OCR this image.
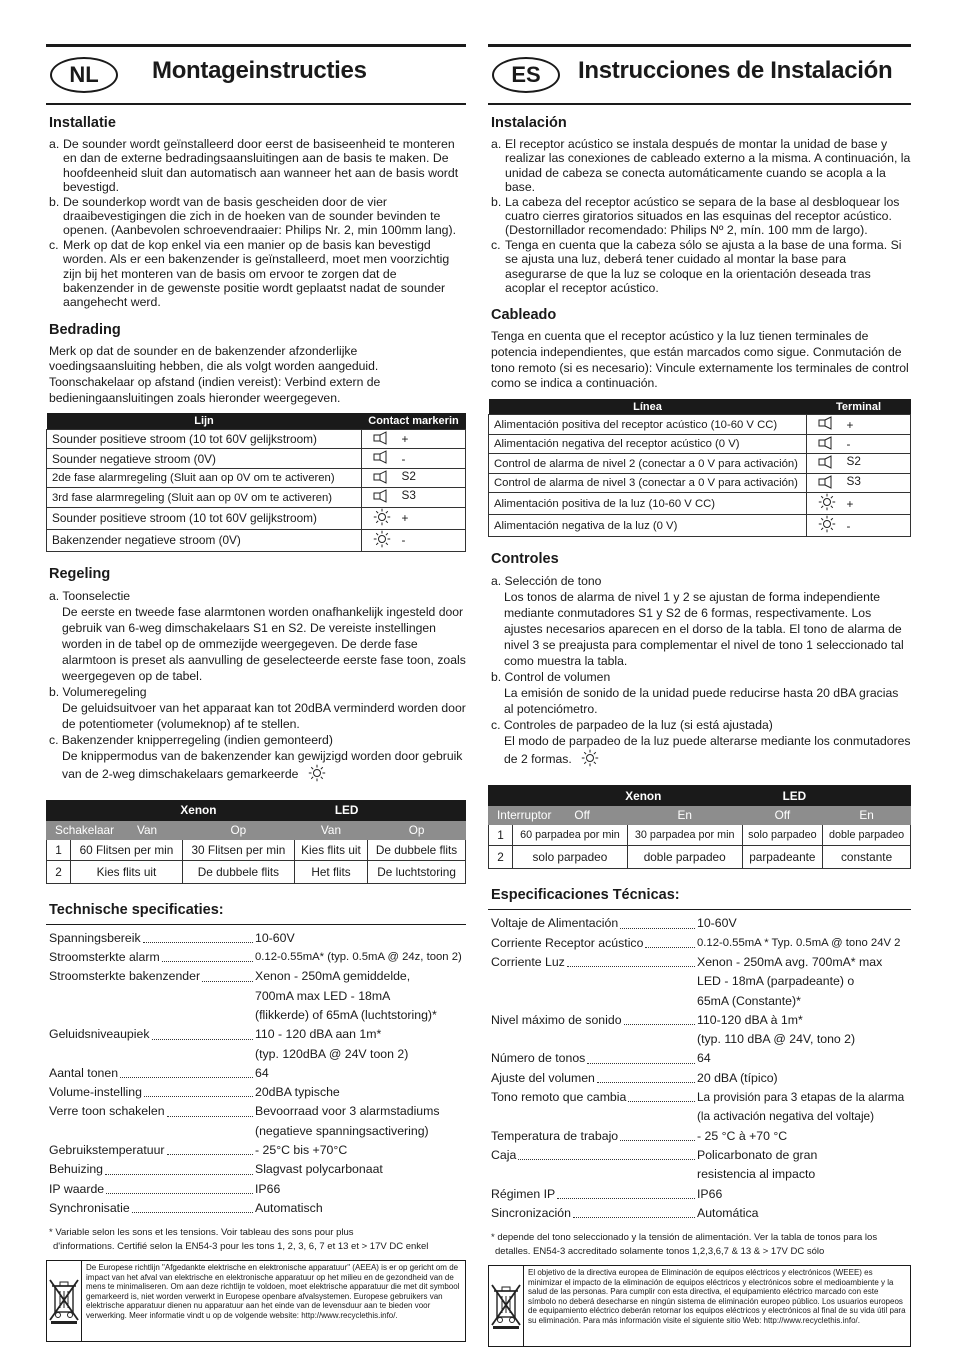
NL	Montageinstructies
Installatie
a. De sounder wordt geïnstalleerd door eerst de basiseenheid te monteren en dan de externe bedradingsaansluitingen aan de basis te maken. De hoofdeenheid sluit dan automatisch aan wanneer het aan de basis wordt bevestigd.
b. De sounderkop wordt van de basis gescheiden door de vier draaibevestigingen die zich in de hoeken van de sounder bevinden te openen. (Aanbevolen schroevendraaier: Philips Nr. 2, min 100mm lang).
c. Merk op dat de kop enkel via een manier op de basis kan bevestigd worden. Als er een bakenzender is geïnstalleerd, moet men voorzichtig zijn bij het monteren van de basis om ervoor te zorgen dat de bakenzender in de gewenste positie wordt geplaatst nadat de sounder aangehecht werd.
Bedrading
Merk op dat de sounder en de bakenzender afzonderlijke voedingsaansluiting hebben, die als volgt worden aangeduid. Toonschakelaar op afstand (indien vereist): Verbind extern de bedieningaansluitingen zoals hieronder weergegeven.
Lijn	Contact markerin	
Sounder positieve stroom (10 tot 60V gelijkstroom)		+
Sounder negatieve stroom (0V)		-
2de fase alarmregeling (Sluit aan op 0V om te activeren)		S2
3rd fase alarmregeling (Sluit aan op 0V om te activeren)		S3
Sounder positieve stroom (10 tot 60V gelijkstroom)		+
Bakenzender negatieve stroom (0V)		-
Regeling
a. Toonselectie
De eerste en tweede fase alarmtonen worden onafhankelijk ingesteld door gebruik van 6-weg dimschakelaars S1 en S2. De vereiste instellingen worden in de tabel op de ommezijde weergegeven. De derde fase alarmtoon is preset als aanvulling de geselecteerde eerste fase toon, zoals weergegeven op de tabel.
b. Volumeregeling
De geluidsuitvoer van het apparaat kan tot 20dBA verminderd worden door de potentiometer (volumeknop) af te stellen.
c. Bakenzender knipperregeling (indien gemonteerd)
De knippermodus van de bakenzender kan gewijzigd worden door gebruik van de 2-weg dimschakelaars gemarkeerde
Xenon			LED	
Schakelaar Van		Op	Van	Op
1	60 Flitsen per min	30 Flitsen per min	Kies flits uit	De dubbele flits
2	Kies flits uit	De dubbele flits	Het flits	De luchtstoring
Technische specificaties:
Spanningsbereik	10-60V
Stroomsterkte alarm	0.12-0.55mA* (typ. 0.5mA @ 24z, toon 2)
Stroomsterkte bakenzender	Xenon - 250mA gemiddelde,
700mA max LED - 18mA
(flikkerde) of 65mA (luchtstoring)*
Geluidsniveaupiek	110 - 120 dBA aan 1m*
(typ. 120dBA @ 24V toon 2)
Aantal tonen	64
Volume-instelling	20dBA typische
Verre toon schakelen	Bevoorraad voor 3 alarmstadiums
(negatieve spanningsactivering)
Gebruikstemperatuur	- 25°C bis +70°C
Behuizing	Slagvast polycarbonaat
IP waarde	IP66
Synchronisatie	Automatisch
* Variable selon les sons et les tensions. Voir tableau des sons pour plus
d'informations. Certifié selon la EN54-3 pour les tons 1, 2, 3, 6, 7 et 13 et > 17V DC enkel
De Europese richtlijn "Afgedankte elektrische en elektronische apparatuur" (AEEA) is er op gericht om de impact van het afval van elektrische en elektronische apparatuur op het milieu en de gezondheid van de mens te minimaliseren. Om aan deze richtlijn te voldoen, moet elektrische apparatuur die met dit symbool gemarkeerd is, niet worden verwerkt in Europese openbare afvalsystemen. Europese gebruikers van elektrische apparatuur dienen nu apparatuur aan het einde van de levensduur aan te bieden voor verwerking. Meer informatie vindt u op de volgende website: http://www.recyclethis.info/.
ES	Instrucciones de Instalación
Instalación
a. El receptor acústico se instala después de montar la unidad de base y realizar las conexiones de cableado externo a la misma. A continuación, la unidad de cabeza se conecta automáticamente cuando se acopla a la base.
b. La cabeza del receptor acústico se separa de la base al desbloquear los cuatro cierres giratorios situados en las esquinas del receptor acústico. (Destornillador recomendado: Philips Nº 2, mín. 100 mm de largo).
c. Tenga en cuenta que la cabeza sólo se ajusta a la base de una forma. Si se ajusta una luz, deberá tener cuidado al montar la base para asegurarse de que la luz se coloque en la orientación deseada tras acoplar el receptor acústico.
Cableado
Tenga en cuenta que el receptor acústico y la luz tienen terminales de potencia independientes, que están marcados como sigue. Conmutación de tono remoto (si es necesario): Vincule externamente los terminales de control como se indica a continuación.
Línea	Terminal	
Alimentación positiva del receptor acústico (10-60 V CC)		+
Alimentación negativa del receptor acústico (0 V)		-
Control de alarma de nivel 2 (conectar a 0 V para activación)		S2
Control de alarma de nivel 3 (conectar a 0 V para activación)		S3
Alimentación positiva de la luz (10-60 V CC)		+
Alimentación negativa de la luz (0 V)		-
Controles
a. Selección de tono
Los tonos de alarma de nivel 1 y 2 se ajustan de forma independiente mediante conmutadores S1 y S2 de 6 formas, respectivamente. Los ajustes necesarios aparecen en el dorso de la tabla. El tono de alarma de nivel 3 se preajusta para complementar el nivel de tono 1 seleccionado tal como muestra la tabla.
b. Control de volumen
La emisión de sonido de la unidad puede reducirse hasta 20 dBA gracias al potenciómetro.
c. Controles de parpadeo de la luz (si está ajustada)
El modo de parpadeo de la luz puede alterarse mediante los conmutadores de 2 formas.
Xenon			LED	
Interruptor Off		En	Off	En
1	60 parpadea por min	30 parpadea por min	solo parpadeo	doble parpadeo
2	solo parpadeo	doble parpadeo	parpadeante	constante
Especificaciones Técnicas:
Voltaje de Alimentación	10-60V
Corriente Receptor acústico	0.12-0.55mA * Typ. 0.5mA @ tono 24V 2
Corriente Luz	Xenon - 250mA avg. 700mA* max
LED - 18mA (parpadeante) o
65mA (Constante)*
Nivel máximo de sonido	110-120 dBA à 1m*
(typ. 110 dBA @ 24V, tono 2)
Número de tonos	64
Ajuste del volumen	20 dBA (típico)
Tono remoto que cambia	La provisión para 3 etapas de la alarma
(la activación negativa del voltaje)
Temperatura de trabajo	- 25 °C à +70 °C
Caja	Policarbonato de gran
resistencia al impacto
Régimen IP	IP66
Sincronización	Automática
* depende del tono seleccionado y la tensión de alimentación. Ver la tabla de tonos para los
detalles. EN54-3 accreditado solamente tonos 1,2,3,6,7 & 13 & > 17V DC sólo
El objetivo de la directiva europea de Eliminación de equipos eléctricos y electrónicos (WEEE) es minimizar el impacto de la eliminación de equipos eléctricos y electrónicos sobre el medioambiente y la salud de las personas. Para cumplir con esta directiva, el equipamiento eléctrico marcado con este símbolo no deberá desecharse en ningún sistema de eliminación europeo público. Los usuarios europeos de equipamiento eléctrico deberán retornar los equipos eléctricos y electrónicos al final de su vida útil para su eliminación. Para más información visite el siguiente sitio Web: http://www.recyclethis.info/.
